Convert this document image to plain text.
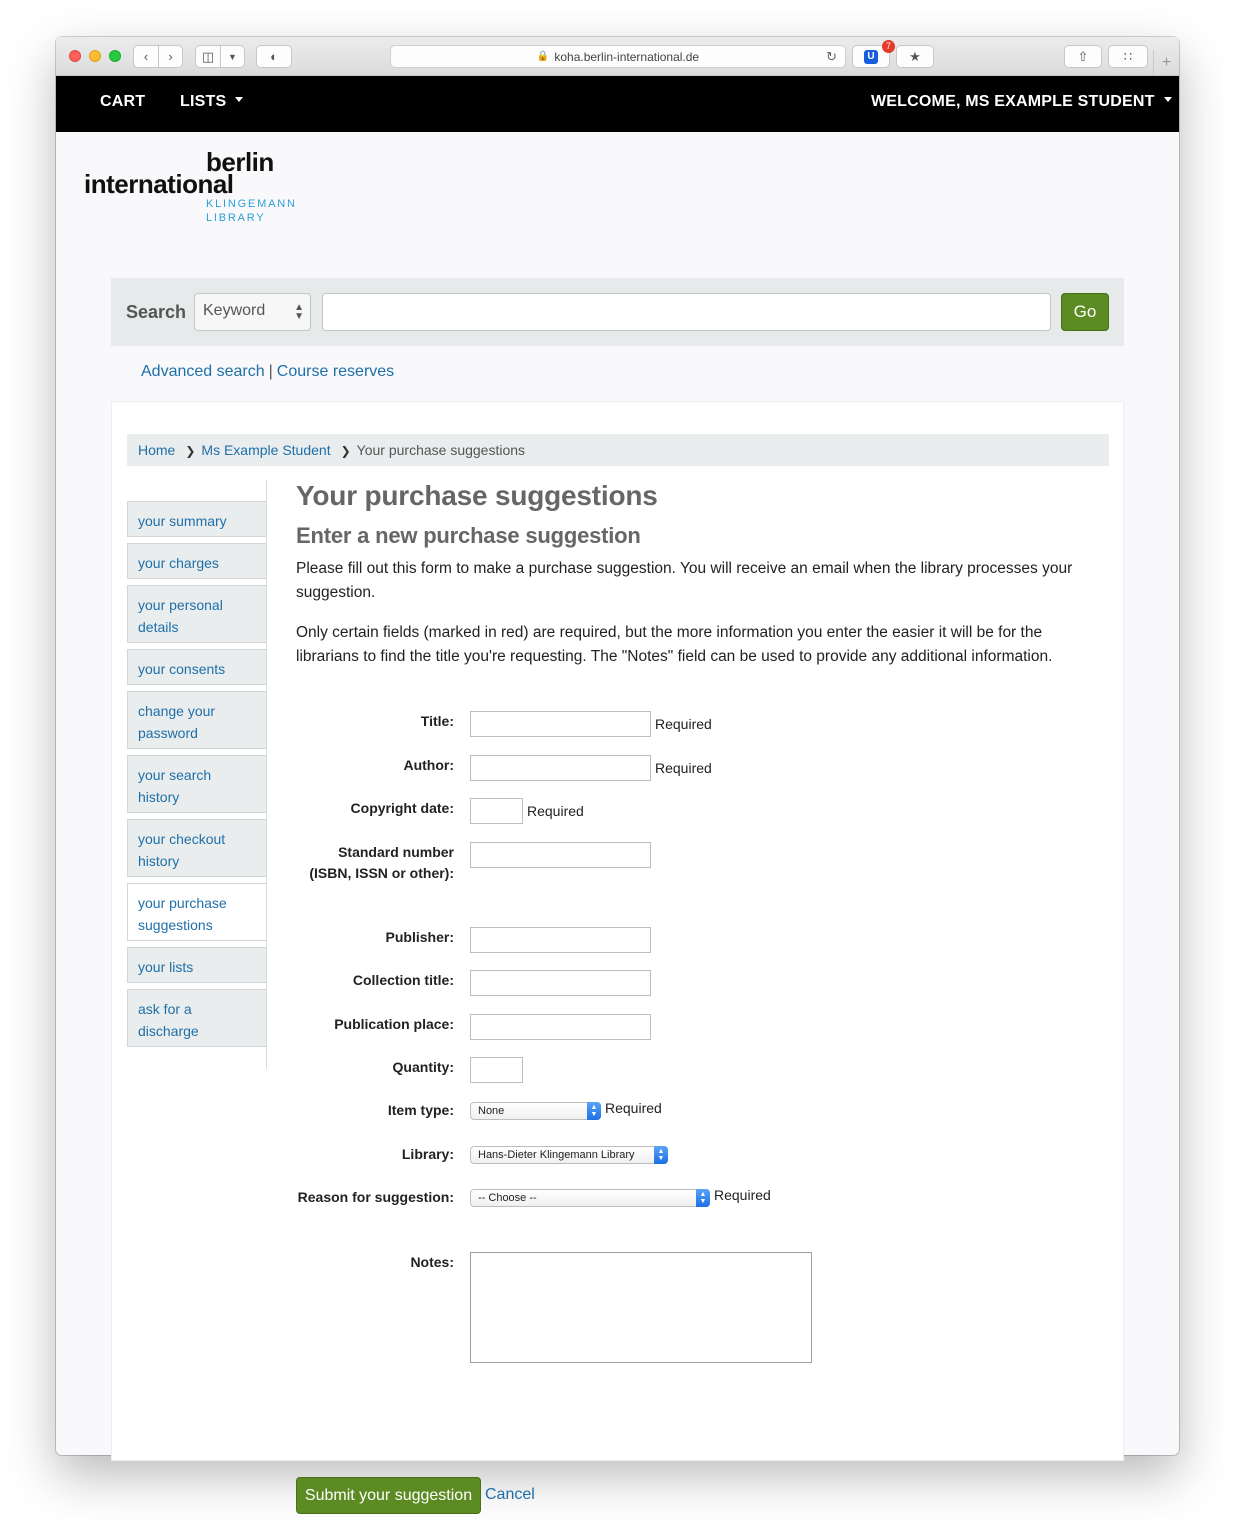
‹	›	◫	▼	◐	🔒 koha.berlin-international.de	↻	U
7
★	⇧	∷	+
CART LISTS	WELCOME, MS EXAMPLE STUDENT
berlin
international
KLINGEMANN
LIBRARY
Search	Keyword	▲
▼	Go
Advanced search | Course reserves
Home ❯ Ms Example Student ❯ Your purchase suggestions
your summary
your charges
your personal details
your consents
change your password
your search history
your checkout history
your purchase suggestions
your lists
ask for a discharge
Your purchase suggestions
Enter a new purchase suggestion
Please fill out this form to make a purchase suggestion. You will receive an email when the library processes your suggestion.
Only certain fields (marked in red) are required, but the more information you enter the easier it will be for the librarians to find the title you're requesting. The "Notes" field can be used to provide any additional information.
Title:	Required
Author:	Required
Copyright date:	Required
Standard number (ISBN, ISSN or other):
Publisher:
Collection title:
Publication place:
Quantity:
Item type:	None	▲
▼ Required
Library:	Hans-Dieter Klingemann Library	▲
▼
Reason for suggestion:	-- Choose --	▲
▼ Required
Notes:
Submit your suggestion Cancel
